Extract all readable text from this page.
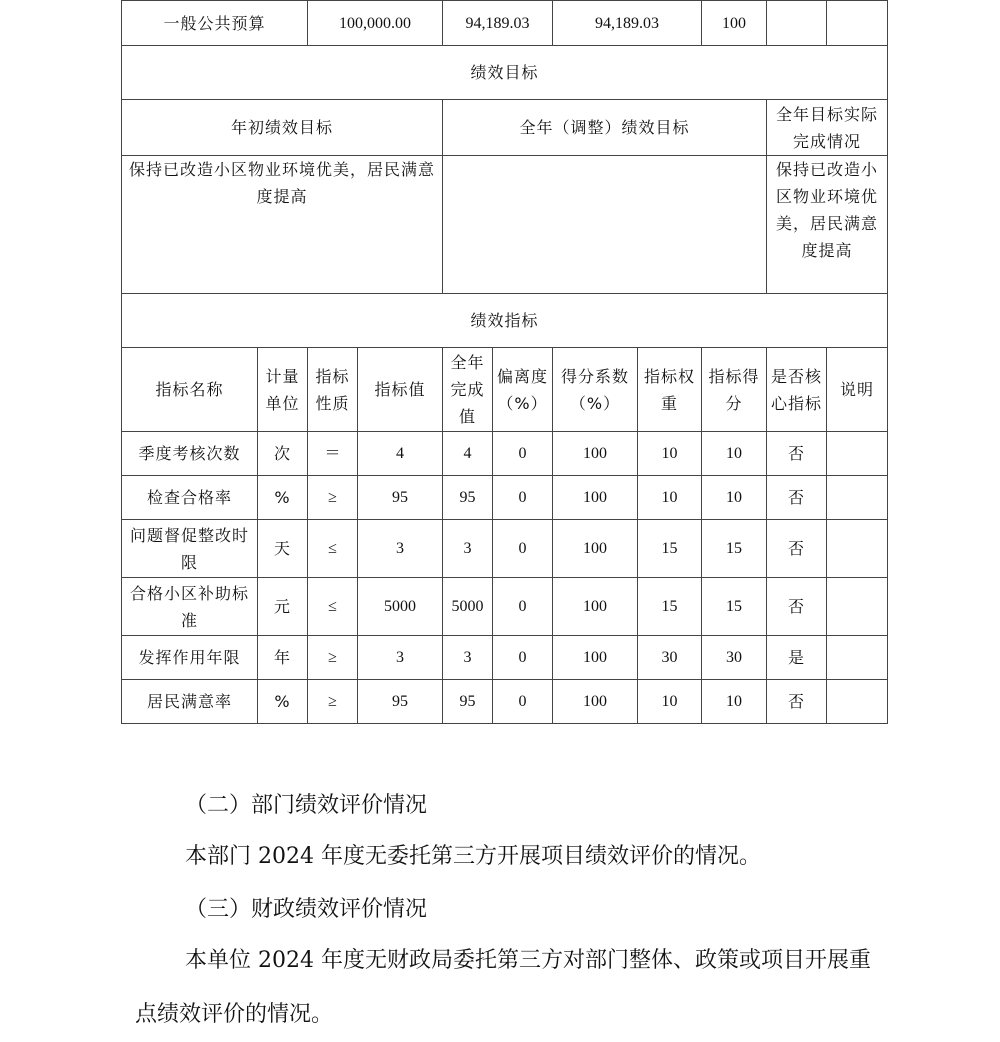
一般公共预算		100,000.00		94,189.03		94,189.03		100		
绩效目标										
年初绩效目标				全年（调整）绩效目标					全年目标实际完成情况	
保持已改造小区物业环境优美，居民满意度提高									保持已改造小区物业环境优美，居民满意度提高	
绩效指标										
指标名称	计量单位	指标性质	指标值	全年完成值	偏离度（%）	得分系数（%）	指标权重	指标得分	是否核心指标	说明
季度考核次数	次	＝	4	4	0	100	10	10	否	
检查合格率	%	≥	95	95	0	100	10	10	否	
问题督促整改时限	天	≤	3	3	0	100	15	15	否	
合格小区补助标准	元	≤	5000	5000	0	100	15	15	否	
发挥作用年限	年	≥	3	3	0	100	30	30	是	
居民满意率	%	≥	95	95	0	100	10	10	否	
（二）部门绩效评价情况
本部门 2024 年度无委托第三方开展项目绩效评价的情况。
（三）财政绩效评价情况
本单位 2024 年度无财政局委托第三方对部门整体、政策或项目开展重点绩效评价的情况。
